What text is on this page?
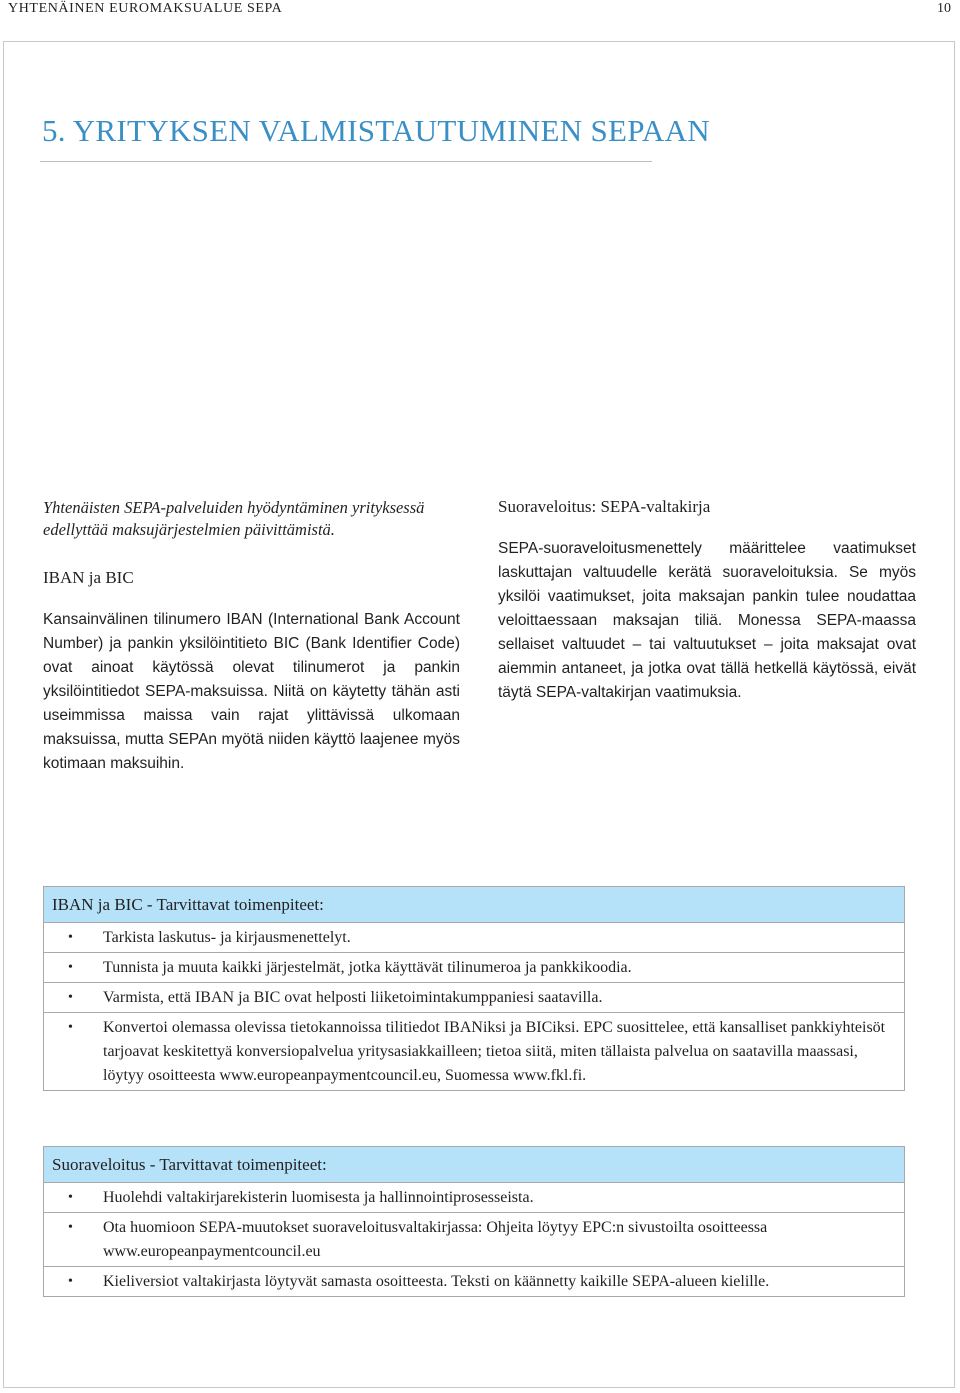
YHTENÄINEN EUROMAKSUALUE SEPA	10
5. YRITYKSEN VALMISTAUTUMINEN SEPAAN

Yhtenäisten SEPA-palveluiden hyödyntäminen yrityksessä edellyttää maksujärjestelmien päivittämistä.

IBAN ja BIC

Kansainvälinen tilinumero IBAN (International Bank Account Number) ja pankin yksilöintitieto BIC (Bank Identifier Code) ovat ainoat käytössä olevat tilinumerot ja pankin yksilöintitiedot SEPA-maksuissa. Niitä on käytetty tähän asti useimmissa maissa vain rajat ylittävissä ulkomaan maksuissa, mutta SEPAn myötä niiden käyttö laajenee myös kotimaan maksuihin.

Suoraveloitus: SEPA-valtakirja

SEPA-suoraveloitusmenettely määrittelee vaatimukset laskuttajan valtuudelle kerätä suoraveloituksia. Se myös yksilöi vaatimukset, joita maksajan pankin tulee noudattaa veloittaessaan maksajan tiliä. Monessa SEPA-maassa sellaiset valtuudet – tai valtuutukset – joita maksajat ovat aiemmin antaneet, ja jotka ovat tällä hetkellä käytössä, eivät täytä SEPA-valtakirjan vaatimuksia.

IBAN ja BIC - Tarvittavat toimenpiteet:
• Tarkista laskutus- ja kirjausmenettelyt.
• Tunnista ja muuta kaikki järjestelmät, jotka käyttävät tilinumeroa ja pankkikoodia.
• Varmista, että IBAN ja BIC ovat helposti liiketoimintakumppaniesi saatavilla.
• Konvertoi olemassa olevissa tietokannoissa tilitiedot IBANiksi ja BICiksi. EPC suosittelee, että kansalliset pankkiyhteisöt tarjoavat keskitettyä konversiopalvelua yritysasiakkailleen; tietoa siitä, miten tällaista palvelua on saatavilla maassasi, löytyy osoitteesta www.europeanpaymentcouncil.eu, Suomessa www.fkl.fi.
Suoraveloitus - Tarvittavat toimenpiteet:
• Huolehdi valtakirjarekisterin luomisesta ja hallinnointiprosesseista.
• Ota huomioon SEPA-muutokset suoraveloitusvaltakirjassa: Ohjeita löytyy EPC:n sivustoilta osoitteessa www.europeanpaymentcouncil.eu
• Kieliversiot valtakirjasta löytyvät samasta osoitteesta. Teksti on käännetty kaikille SEPA-alueen kielille.
